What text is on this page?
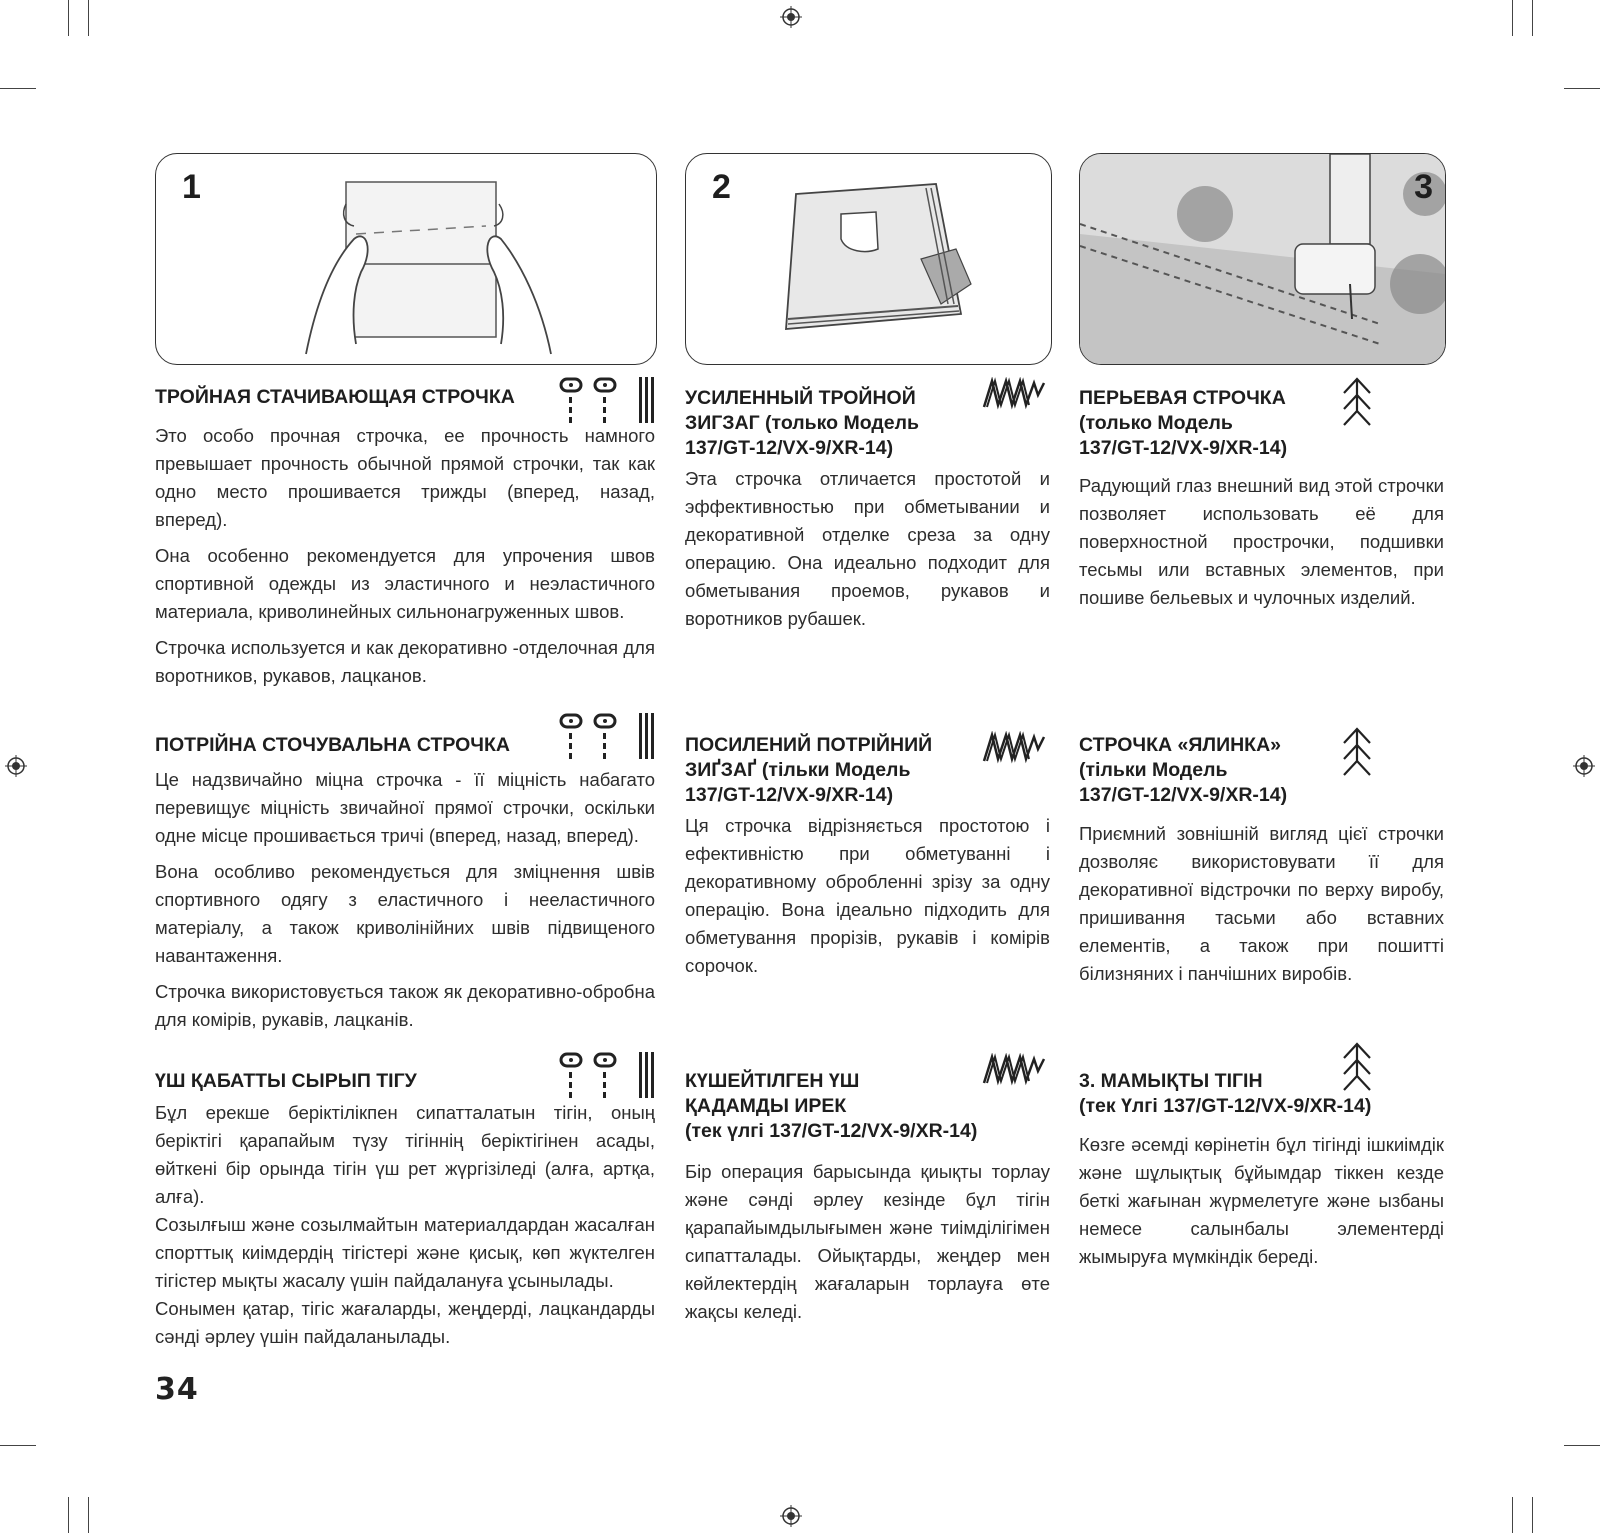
1	2	3
ТРОЙНАЯ СТАЧИВАЮЩАЯ СТРОЧКА

Это особо прочная строчка, ее прочность намного превышает прочность обычной прямой строчки, так как одно место прошивается трижды (вперед, назад, вперед).

Она особенно рекомендуется для упрочения швов спортивной одежды из эластичного и неэластичного материала, криволинейных сильнонагруженных швов.

Строчка используется и как декоративно -отделочная для воротников, рукавов, лацканов.

ПОТРІЙНА СТОЧУВАЛЬНА СТРОЧКА

Це надзвичайно міцна строчка - її міцність набагато перевищує міцність звичайної прямої строчки, оскільки одне місце прошивається тричі (вперед, назад, вперед).

Вона особливо рекомендується для зміцнення швів спортивного одягу з еластичного і нееластичного матеріалу, а також криволінійних швів підвищеного навантаження.

Строчка використовується також як декоративно-обробна для комірів, рукавів, лацканів.

ҮШ ҚАБАТТЫ СЫРЫП ТІГУ

Бұл ерекше беріктілікпен сипатталатын тігін, оның беріктігі қарапайым түзу тігіннің беріктігінен асады, өйткені бір орында тігін үш рет жүргізіледі (алға, артқа, алға).

Созылғыш және созылмайтын материалдардан жасалған спорттық киімдердің тігістері және қисық, көп жүктелген тігістер мықты жасалу үшін пайдалануға ұсынылады.

Сонымен қатар, тігіс жағаларды, жеңдерді, лацкандарды сәнді әрлеу үшін пайдаланылады.

УСИЛЕННЫЙ ТРОЙНОЙ
ЗИГЗАГ (только Модель
137/GT-12/VX-9/XR-14)

Эта строчка отличается простотой и эффективностью при обметывании и декоративной отделке среза за одну операцию. Она идеально подходит для обметывания проемов, рукавов и воротников рубашек.

ПОСИЛЕНИЙ ПОТРІЙНИЙ
ЗИҐЗАҐ (тільки Модель
137/GT-12/VX-9/XR-14)

Ця строчка відрізняється простотою і ефективністю при обметуванні і декоративному обробленні зрізу за одну операцію. Вона ідеально підходить для обметування прорізів, рукавів і комірів сорочок.

КҮШЕЙТІЛГЕН ҮШ
ҚАДАМДЫ ИРЕК
(тек үлгі 137/GT-12/VX-9/XR-14)

Бір операция барысында қиықты торлау және сәнді әрлеу кезінде бұл тігін қарапайымдылығымен және тиімділігімен сипатталады. Ойықтарды, жеңдер мен көйлектердің жағаларын торлауға өте жақсы келеді.

ПЕРЬЕВАЯ СТРОЧКА
(только Модель
137/GT-12/VX-9/XR-14)

Радующий глаз внешний вид этой строчки позволяет использовать её для поверхностной прострочки, подшивки тесьмы или вставных элементов, при пошиве бельевых и чулочных изделий.

СТРОЧКА «ЯЛИНКА»
(тільки Модель
137/GT-12/VX-9/XR-14)

Приємний зовнішній вигляд цієї строчки дозволяє використовувати її для декоративної відстрочки по верху виробу, пришивання тасьми або вставних елементів, а також при пошитті білизняних і панчішних виробів.

3. МАМЫҚТЫ ТІГІН
(тек Үлгі 137/GT-12/VX-9/XR-14)

Көзге әсемді көрінетін бұл тігінді ішкиімдік және шұлықтық бұйымдар тіккен кезде беткі жағынан жүрмелетуге және ызбаны немесе салынбалы элементерді жымыруға мүмкіндік береді.

34
